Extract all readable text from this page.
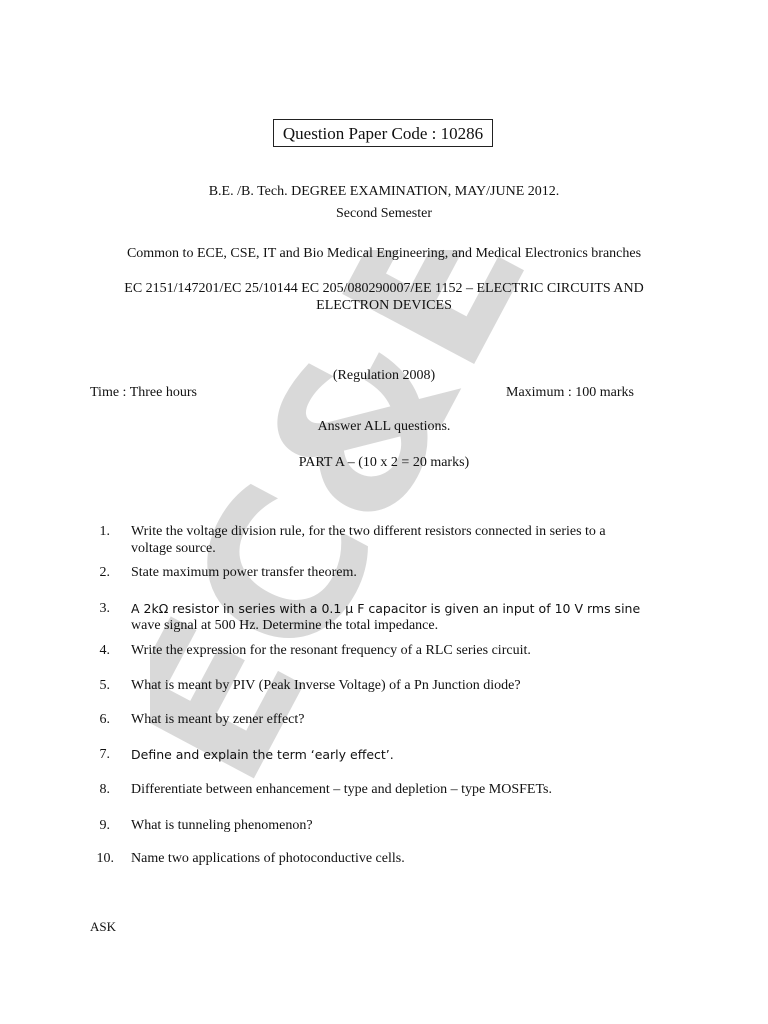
EC&ED
Question Paper Code : 10286
B.E. /B. Tech. DEGREE EXAMINATION, MAY/JUNE 2012.
Second Semester
Common to ECE, CSE, IT and Bio Medical Engineering, and Medical Electronics branches
EC 2151/147201/EC 25/10144 EC 205/080290007/EE 1152 – ELECTRIC CIRCUITS AND
ELECTRON DEVICES
(Regulation 2008)
Time : Three hours	Maximum : 100 marks
Answer ALL questions.
PART A – (10 x 2 = 20 marks)
1. Write the voltage division rule, for the two different resistors connected in series to a
voltage source.
2. State maximum power transfer theorem.
3. A 2kΩ resistor in series with a 0.1 μ F capacitor is given an input of 10 V rms sine
wave signal at 500 Hz. Determine the total impedance.
4. Write the expression for the resonant frequency of a RLC series circuit.
5. What is meant by PIV (Peak Inverse Voltage) of a Pn Junction diode?
6. What is meant by zener effect?
7. Define and explain the term ‘early effect’.
8. Differentiate between enhancement – type and depletion – type MOSFETs.
9. What is tunneling phenomenon?
10. Name two applications of photoconductive cells.
ASK
